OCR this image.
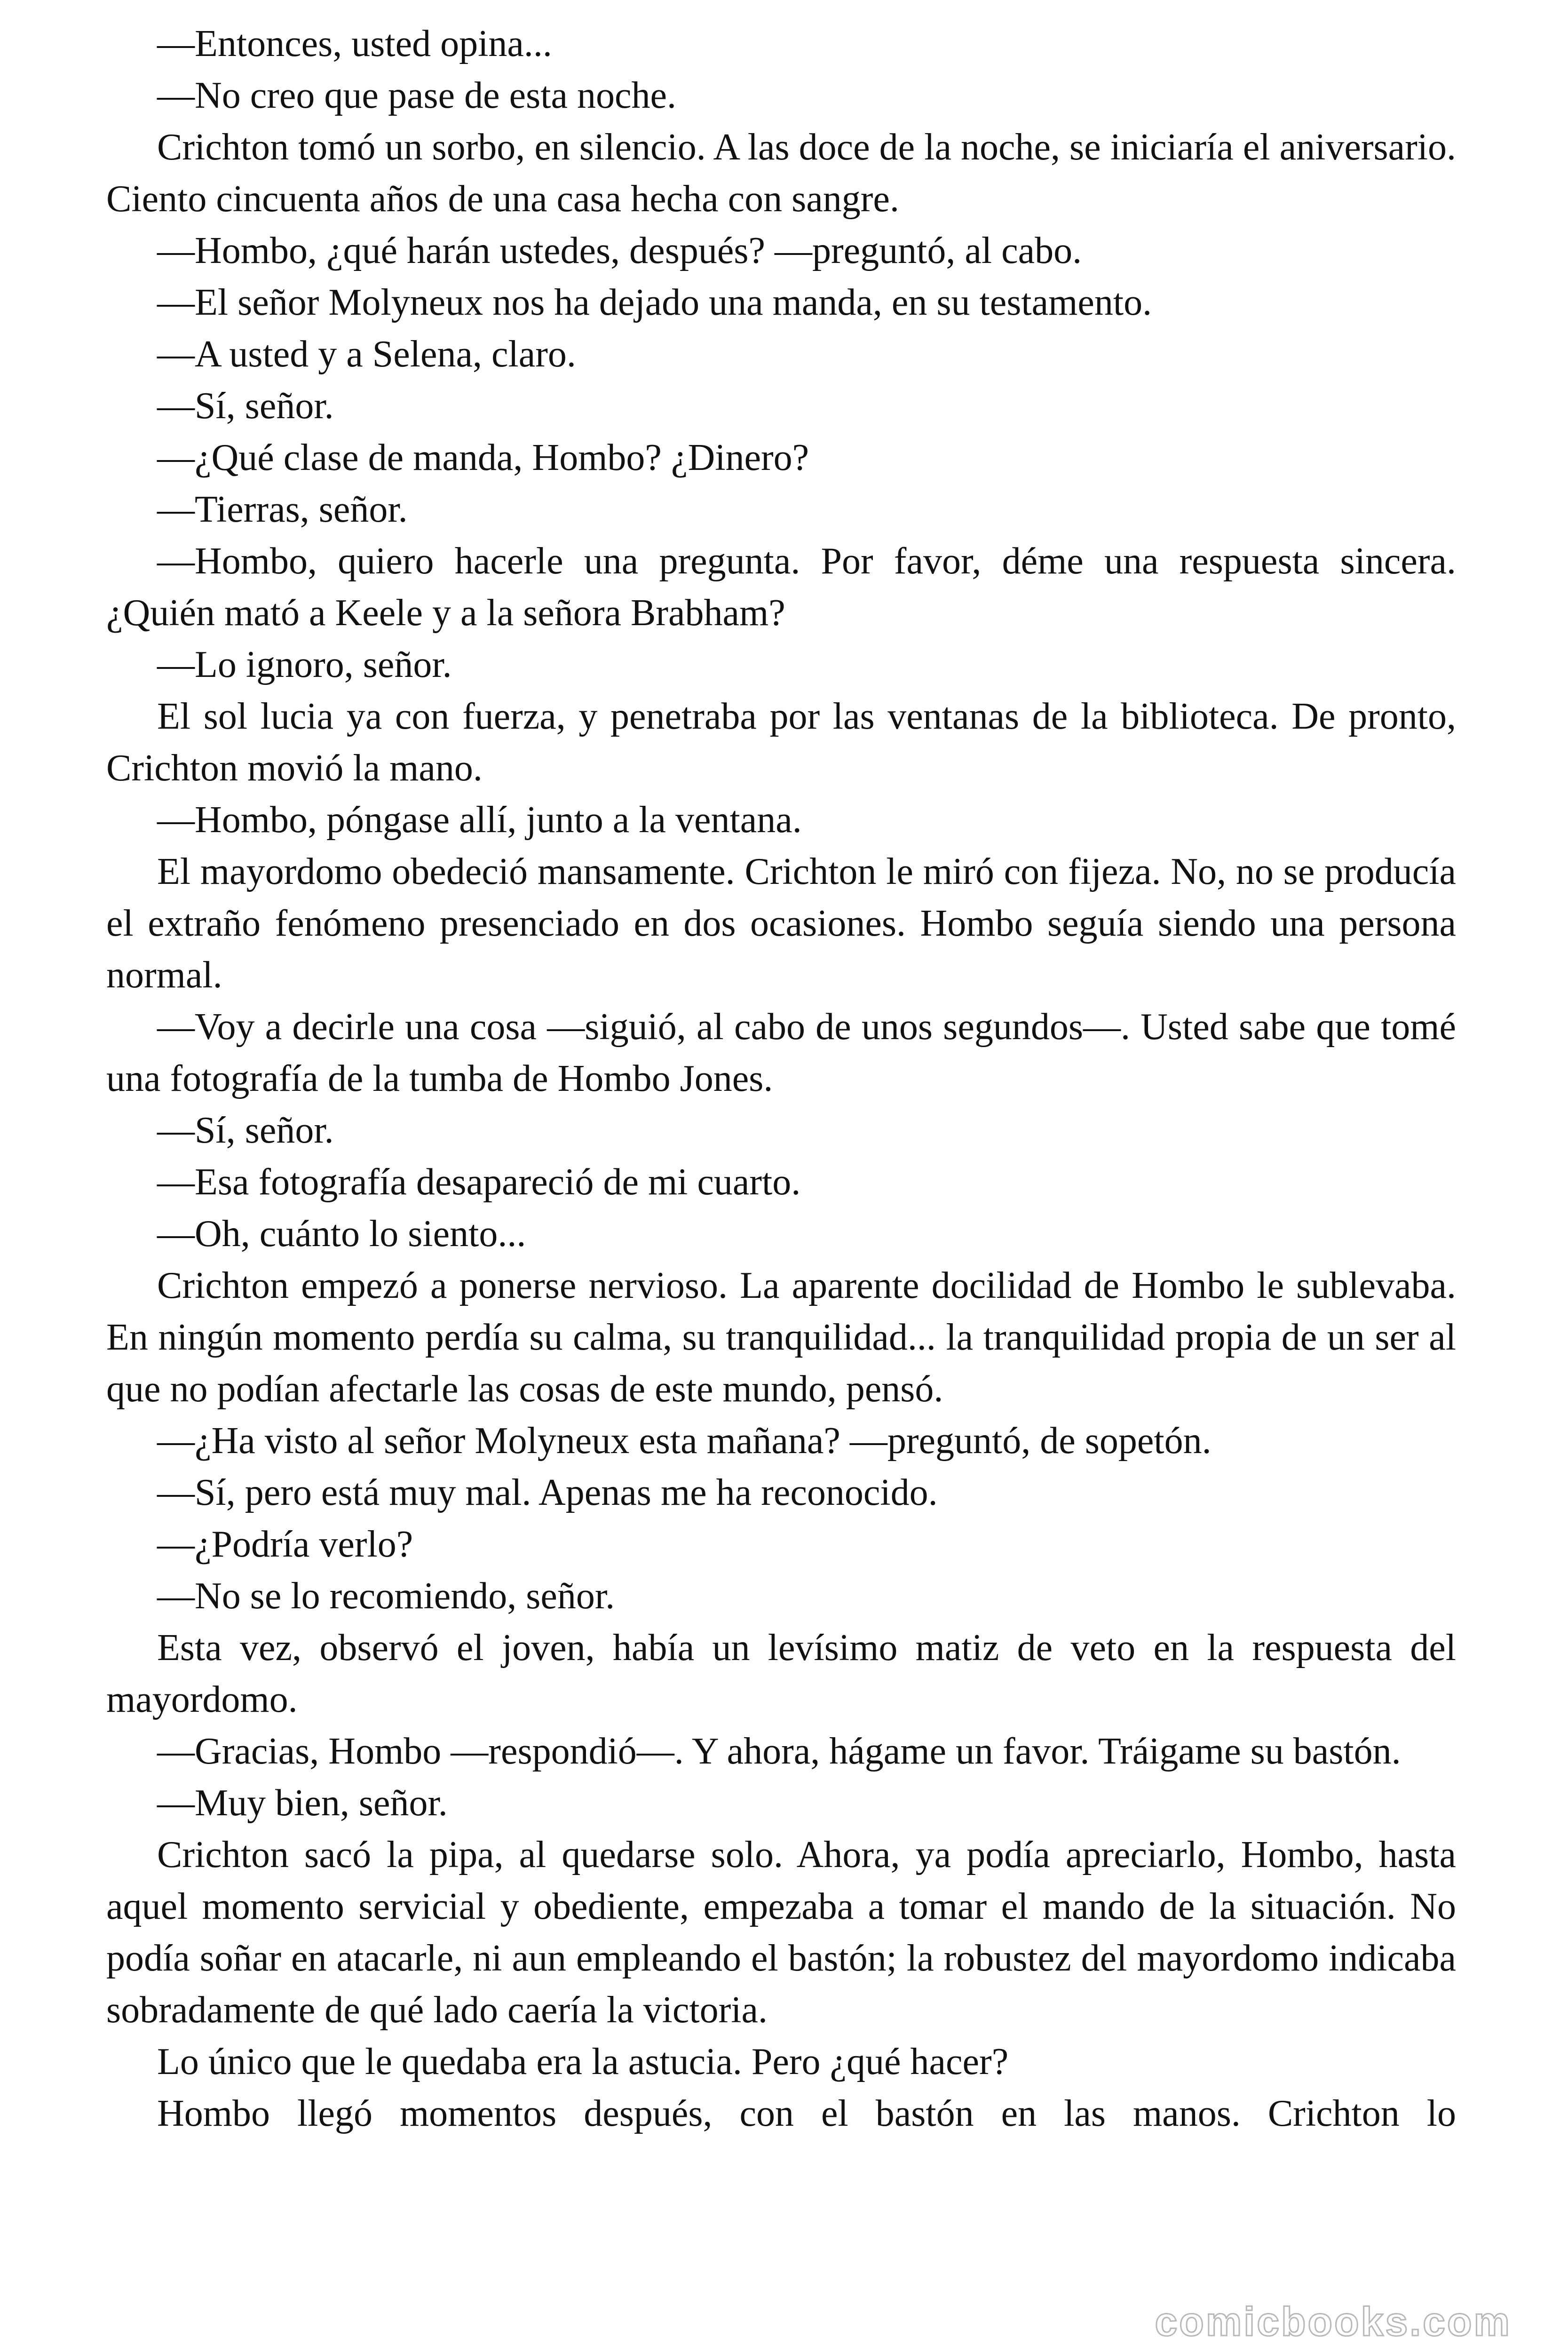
—Entonces, usted opina...

—No creo que pase de esta noche.

Crichton tomó un sorbo, en silencio. A las doce de la noche, se iniciaría el aniversario. Ciento cincuenta años de una casa hecha con sangre.

—Hombo, ¿qué harán ustedes, después? —preguntó, al cabo.

—El señor Molyneux nos ha dejado una manda, en su testamento.

—A usted y a Selena, claro.

—Sí, señor.

—¿Qué clase de manda, Hombo? ¿Dinero?

—Tierras, señor.

—Hombo, quiero hacerle una pregunta. Por favor, déme una respuesta sincera. ¿Quién mató a Keele y a la señora Brabham?

—Lo ignoro, señor.

El sol lucia ya con fuerza, y penetraba por las ventanas de la biblioteca. De pronto, Crichton movió la mano.

—Hombo, póngase allí, junto a la ventana.

El mayordomo obedeció mansamente. Crichton le miró con fijeza. No, no se producía el extraño fenómeno presenciado en dos ocasiones. Hombo seguía siendo una persona normal.

—Voy a decirle una cosa —siguió, al cabo de unos segundos—. Usted sabe que tomé una fotografía de la tumba de Hombo Jones.

—Sí, señor.

—Esa fotografía desapareció de mi cuarto.

—Oh, cuánto lo siento...

Crichton empezó a ponerse nervioso. La aparente docilidad de Hombo le sublevaba. En ningún momento perdía su calma, su tranquilidad... la tranquilidad propia de un ser al que no podían afectarle las cosas de este mundo, pensó.

—¿Ha visto al señor Molyneux esta mañana? —preguntó, de sopetón.

—Sí, pero está muy mal. Apenas me ha reconocido.

—¿Podría verlo?

—No se lo recomiendo, señor.

Esta vez, observó el joven, había un levísimo matiz de veto en la respuesta del mayordomo.

—Gracias, Hombo —respondió—. Y ahora, hágame un favor. Tráigame su bastón.

—Muy bien, señor.

Crichton sacó la pipa, al quedarse solo. Ahora, ya podía apreciarlo, Hombo, hasta aquel momento servicial y obediente, empezaba a tomar el mando de la situación. No podía soñar en atacarle, ni aun empleando el bastón; la robustez del mayordomo indicaba sobradamente de qué lado caería la victoria.

Lo único que le quedaba era la astucia. Pero ¿qué hacer?

Hombo llegó momentos después, con el bastón en las manos. Crichton lo

comicbooks.com
